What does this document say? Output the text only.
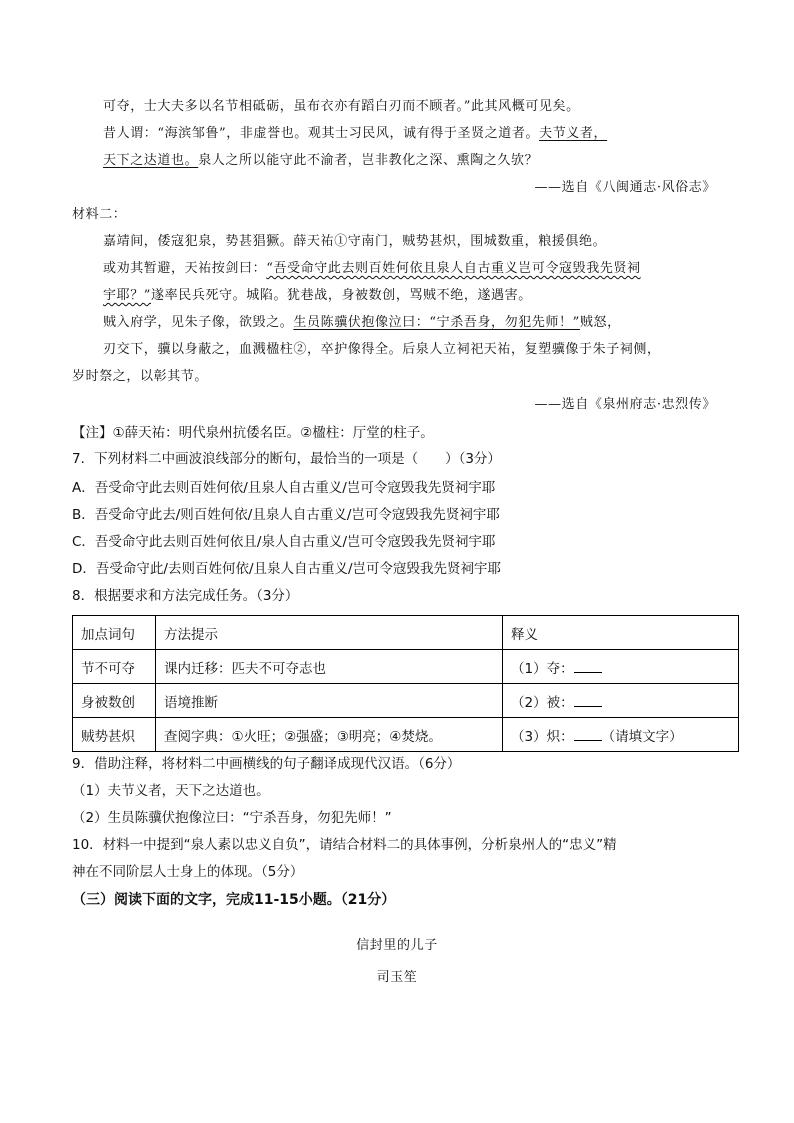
可夺，士大夫多以名节相砥砺，虽布衣亦有蹈白刃而不顾者。”此其风概可见矣。
昔人谓：“海滨邹鲁”，非虚誉也。观其士习民风，诚有得于圣贤之道者。夫节义者，
天下之达道也。泉人之所以能守此不渝者，岂非教化之深、熏陶之久欤？
——选自《八闽通志·风俗志》
材料二：
嘉靖间，倭寇犯泉，势甚猖獗。薛天祐①守南门，贼势甚炽，围城数重，粮援俱绝。
或劝其暂避，天祐按剑曰：“吾受命守此去则百姓何依且泉人自古重义岂可令寇毁我先贤祠
宇耶？”遂率民兵死守。城陷。犹巷战，身被数创，骂贼不绝，遂遇害。
贼入府学，见朱子像，欲毁之。生员陈骥伏抱像泣曰：“宁杀吾身，勿犯先师！”贼怒，
刃交下，骥以身蔽之，血溅楹柱②，卒护像得全。后泉人立祠祀天祐，复塑骥像于朱子祠侧，
岁时祭之，以彰其节。
——选自《泉州府志·忠烈传》
【注】①薛天祐：明代泉州抗倭名臣。②楹柱：厅堂的柱子。
7．下列材料二中画波浪线部分的断句，最恰当的一项是（　　）（3分）
A．吾受命守此去则百姓何依/且泉人自古重义/岂可令寇毁我先贤祠宇耶
B．吾受命守此去/则百姓何依/且泉人自古重义/岂可令寇毁我先贤祠宇耶
C．吾受命守此去则百姓何依且/泉人自古重义/岂可令寇毁我先贤祠宇耶
D．吾受命守此/去则百姓何依/且泉人自古重义/岂可令寇毁我先贤祠宇耶
8．根据要求和方法完成任务。（3分）
加点词句	方法提示	释义
节不可夺	课内迁移：匹夫不可夺志也	（1）夺：
身被数创	语境推断	（2）被：
贼势甚炽	查阅字典：①火旺；②强盛；③明亮；④焚烧。	（3）炽： （请填文字）
9．借助注释，将材料二中画横线的句子翻译成现代汉语。（6分）
（1）夫节义者，天下之达道也。
（2）生员陈骥伏抱像泣曰：“宁杀吾身，勿犯先师！”
10．材料一中提到“泉人素以忠义自负”，请结合材料二的具体事例，分析泉州人的“忠义”精
神在不同阶层人士身上的体现。（5分）
（三）阅读下面的文字，完成11-15小题。（21分）
信封里的儿子
司玉笙
